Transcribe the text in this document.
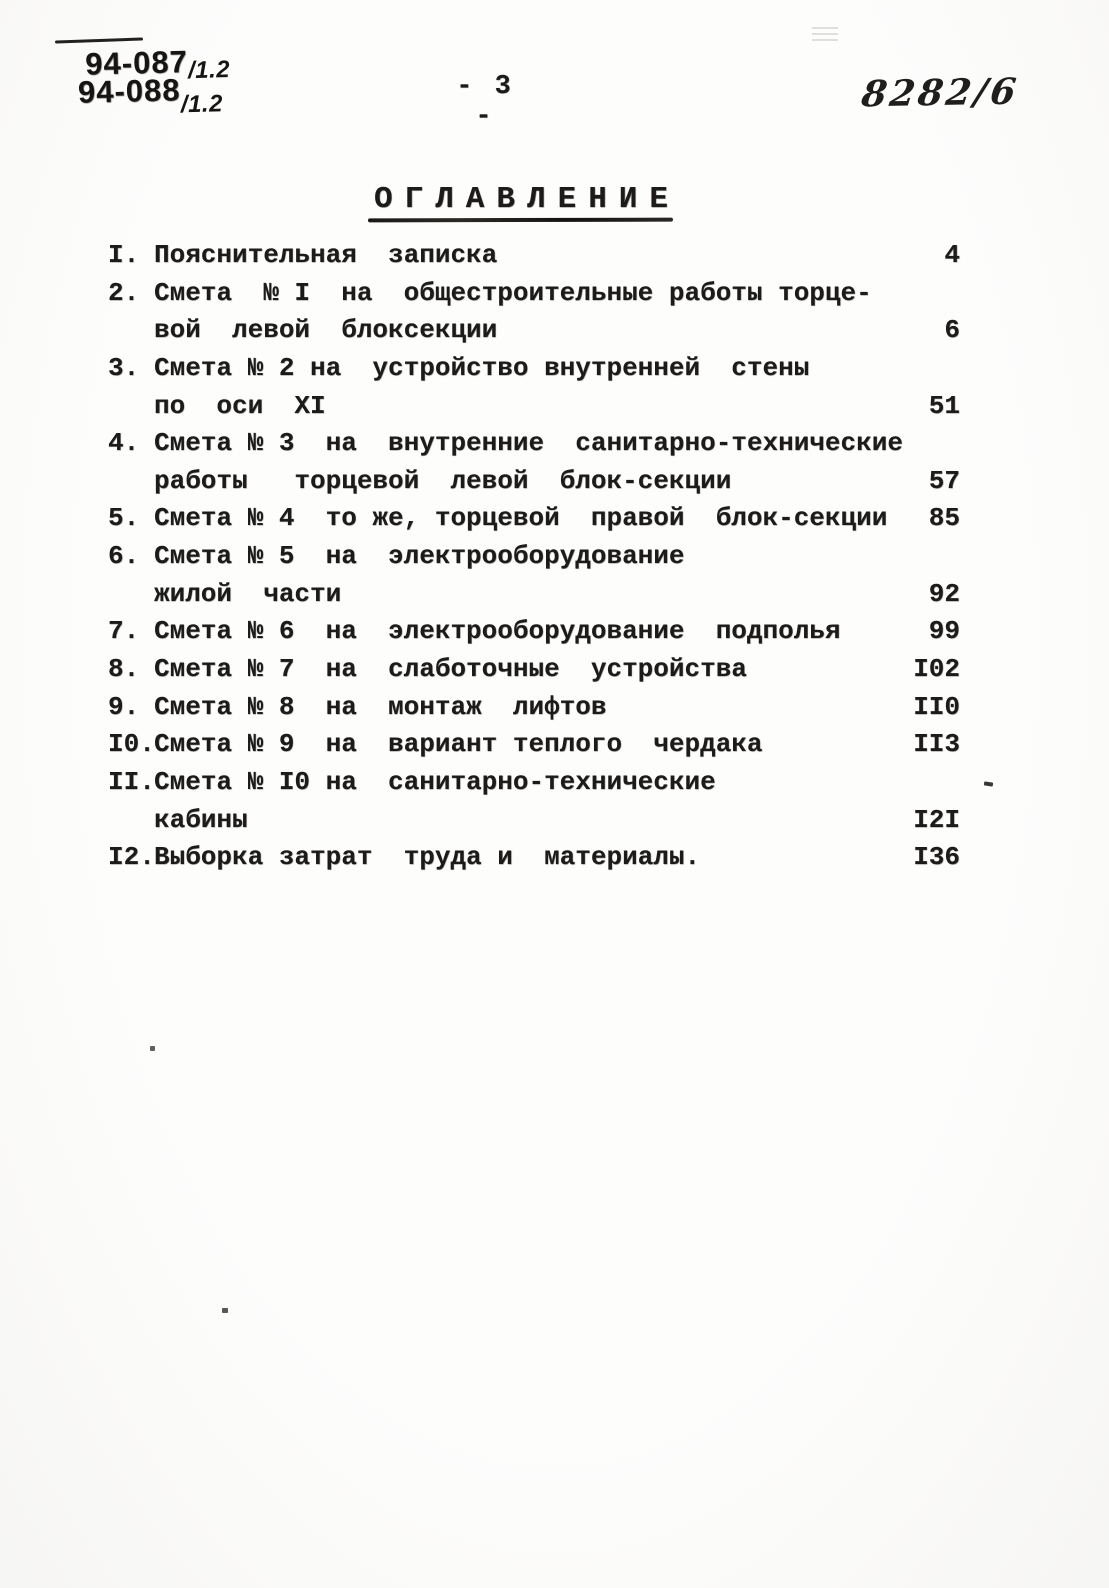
94-087/1.2
94-088/1.2
- 3 -
8282/6
ОГЛАВЛЕНИЕ
I. Пояснительная  записка	4
2. Смета  № I  на  общестроительные работы торце-
вой  левой  блоксекции	6
3. Смета № 2 на  устройство внутренней  стены
по  оси  XI	51
4. Смета № 3  на  внутренние  санитарно-технические
работы   торцевой  левой  блок-секции	57
5. Смета № 4  то же, торцевой  правой  блок-секции	85
6. Смета № 5  на  электрооборудование
жилой  части	92
7. Смета № 6  на  электрооборудование  подполья	99
8. Смета № 7  на  слаботочные  устройства	I02
9. Смета № 8  на  монтаж  лифтов	II0
I0.Смета № 9  на  вариант теплого  чердака	II3
II.Смета № I0 на  санитарно-технические
кабины	I2I
I2.Выборка затрат  труда и  материалы.	I36
